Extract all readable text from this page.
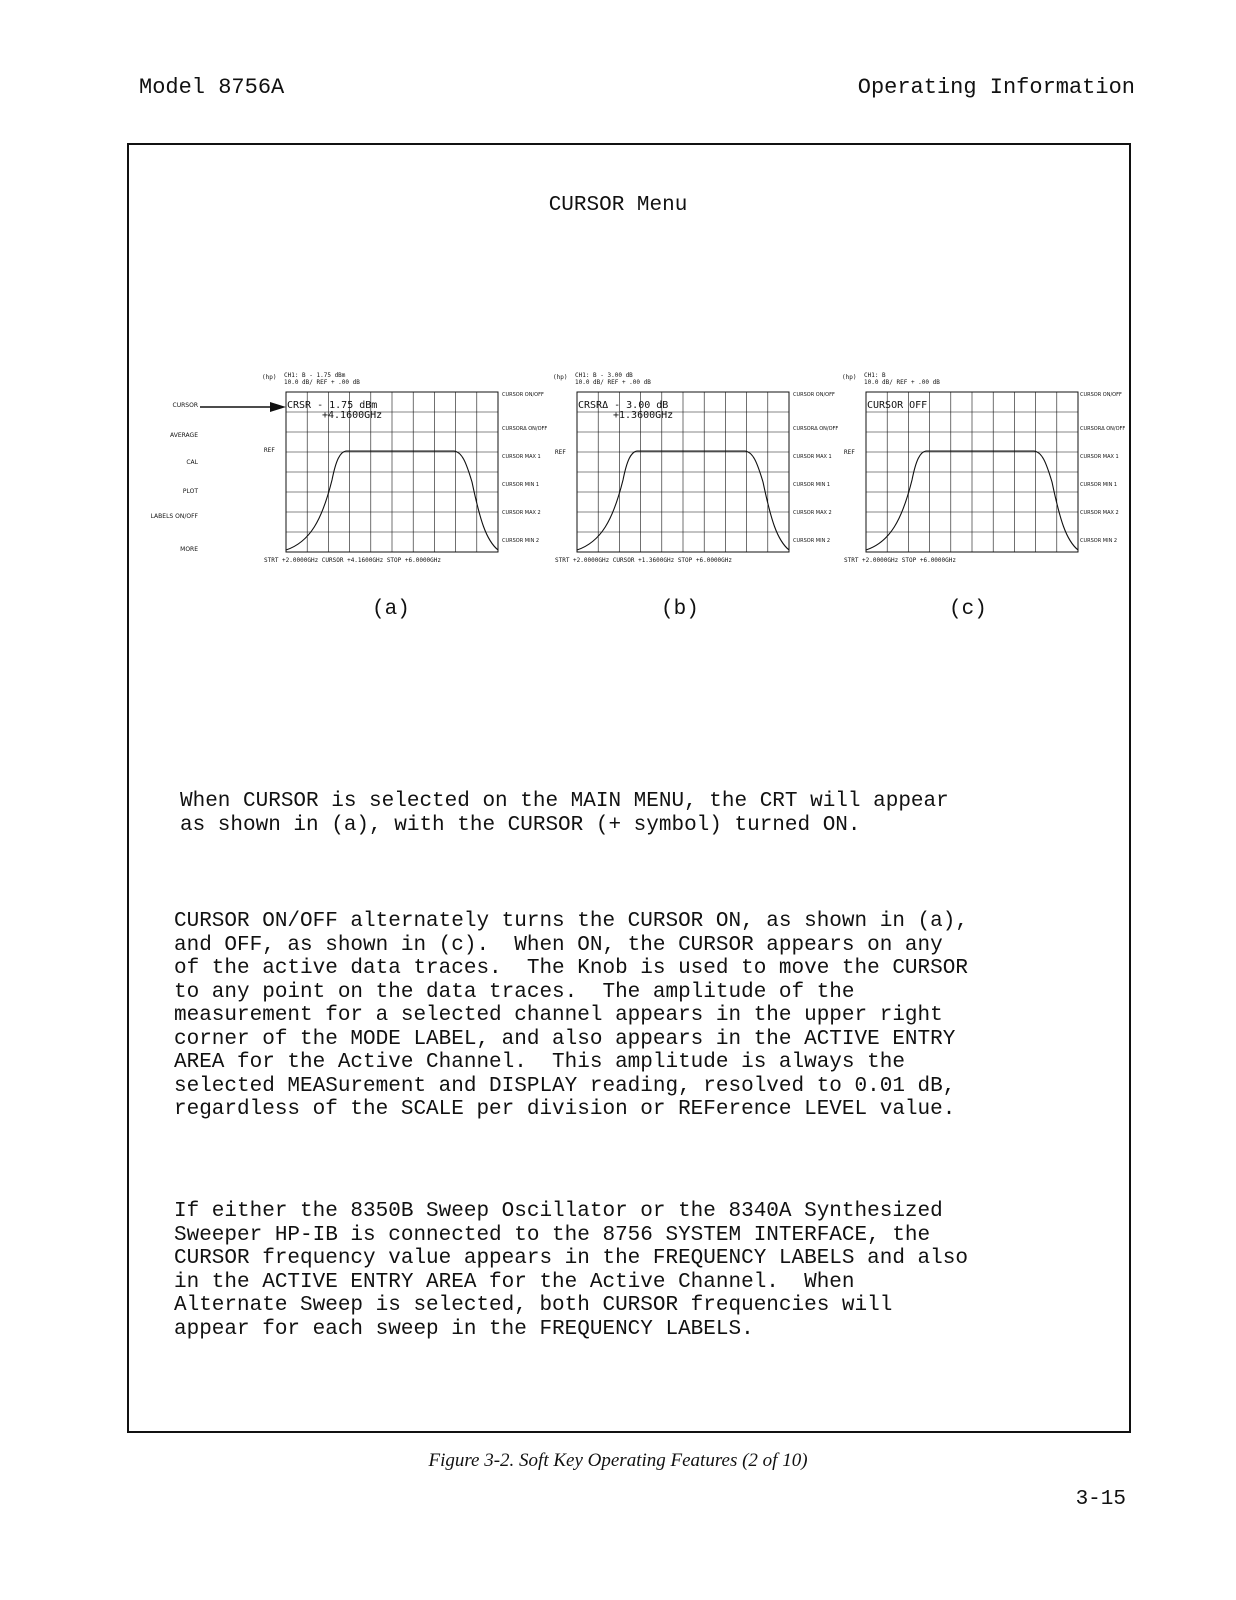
Model 8756A	Operating Information
CURSOR Menu
CURSOR
AVERAGE
CAL
PLOT
LABELS ON/OFF
MORE
(hp) CH1: B - 1.75 dBm
10.0 dB/ REF + .00 dB
CRSR - 1.75 dBm
+4.1600GHz
REF
STRT +2.0000GHz CURSOR +4.1600GHz STOP +6.0000GHz
CURSOR ON/OFF
CURSORΔ ON/OFF
CURSOR MAX 1
CURSOR MIN 1
CURSOR MAX 2
CURSOR MIN 2
(hp) CH1: B - 3.00 dB
10.0 dB/ REF + .00 dB
CRSRΔ - 3.00 dB
+1.3600GHz
REF
STRT +2.0000GHz CURSOR +1.3600GHz STOP +6.0000GHz
CURSOR ON/OFF
CURSORΔ ON/OFF
CURSOR MAX 1
CURSOR MIN 1
CURSOR MAX 2
CURSOR MIN 2
(hp) CH1: B
10.0 dB/ REF + .00 dB
CURSOR OFF
REF
STRT +2.0000GHz STOP +6.0000GHz
CURSOR ON/OFF
CURSORΔ ON/OFF
CURSOR MAX 1
CURSOR MIN 1
CURSOR MAX 2
CURSOR MIN 2
(a)	(b)	(c)
When CURSOR is selected on the MAIN MENU, the CRT will appear
as shown in (a), with the CURSOR (+ symbol) turned ON.
CURSOR ON/OFF alternately turns the CURSOR ON, as shown in (a),
and OFF, as shown in (c).  When ON, the CURSOR appears on any
of the active data traces.  The Knob is used to move the CURSOR
to any point on the data traces.  The amplitude of the
measurement for a selected channel appears in the upper right
corner of the MODE LABEL, and also appears in the ACTIVE ENTRY
AREA for the Active Channel.  This amplitude is always the
selected MEASurement and DISPLAY reading, resolved to 0.01 dB,
regardless of the SCALE per division or REFerence LEVEL value.
If either the 8350B Sweep Oscillator or the 8340A Synthesized
Sweeper HP-IB is connected to the 8756 SYSTEM INTERFACE, the
CURSOR frequency value appears in the FREQUENCY LABELS and also
in the ACTIVE ENTRY AREA for the Active Channel.  When
Alternate Sweep is selected, both CURSOR frequencies will
appear for each sweep in the FREQUENCY LABELS.
Figure 3-2. Soft Key Operating Features (2 of 10)
3-15
